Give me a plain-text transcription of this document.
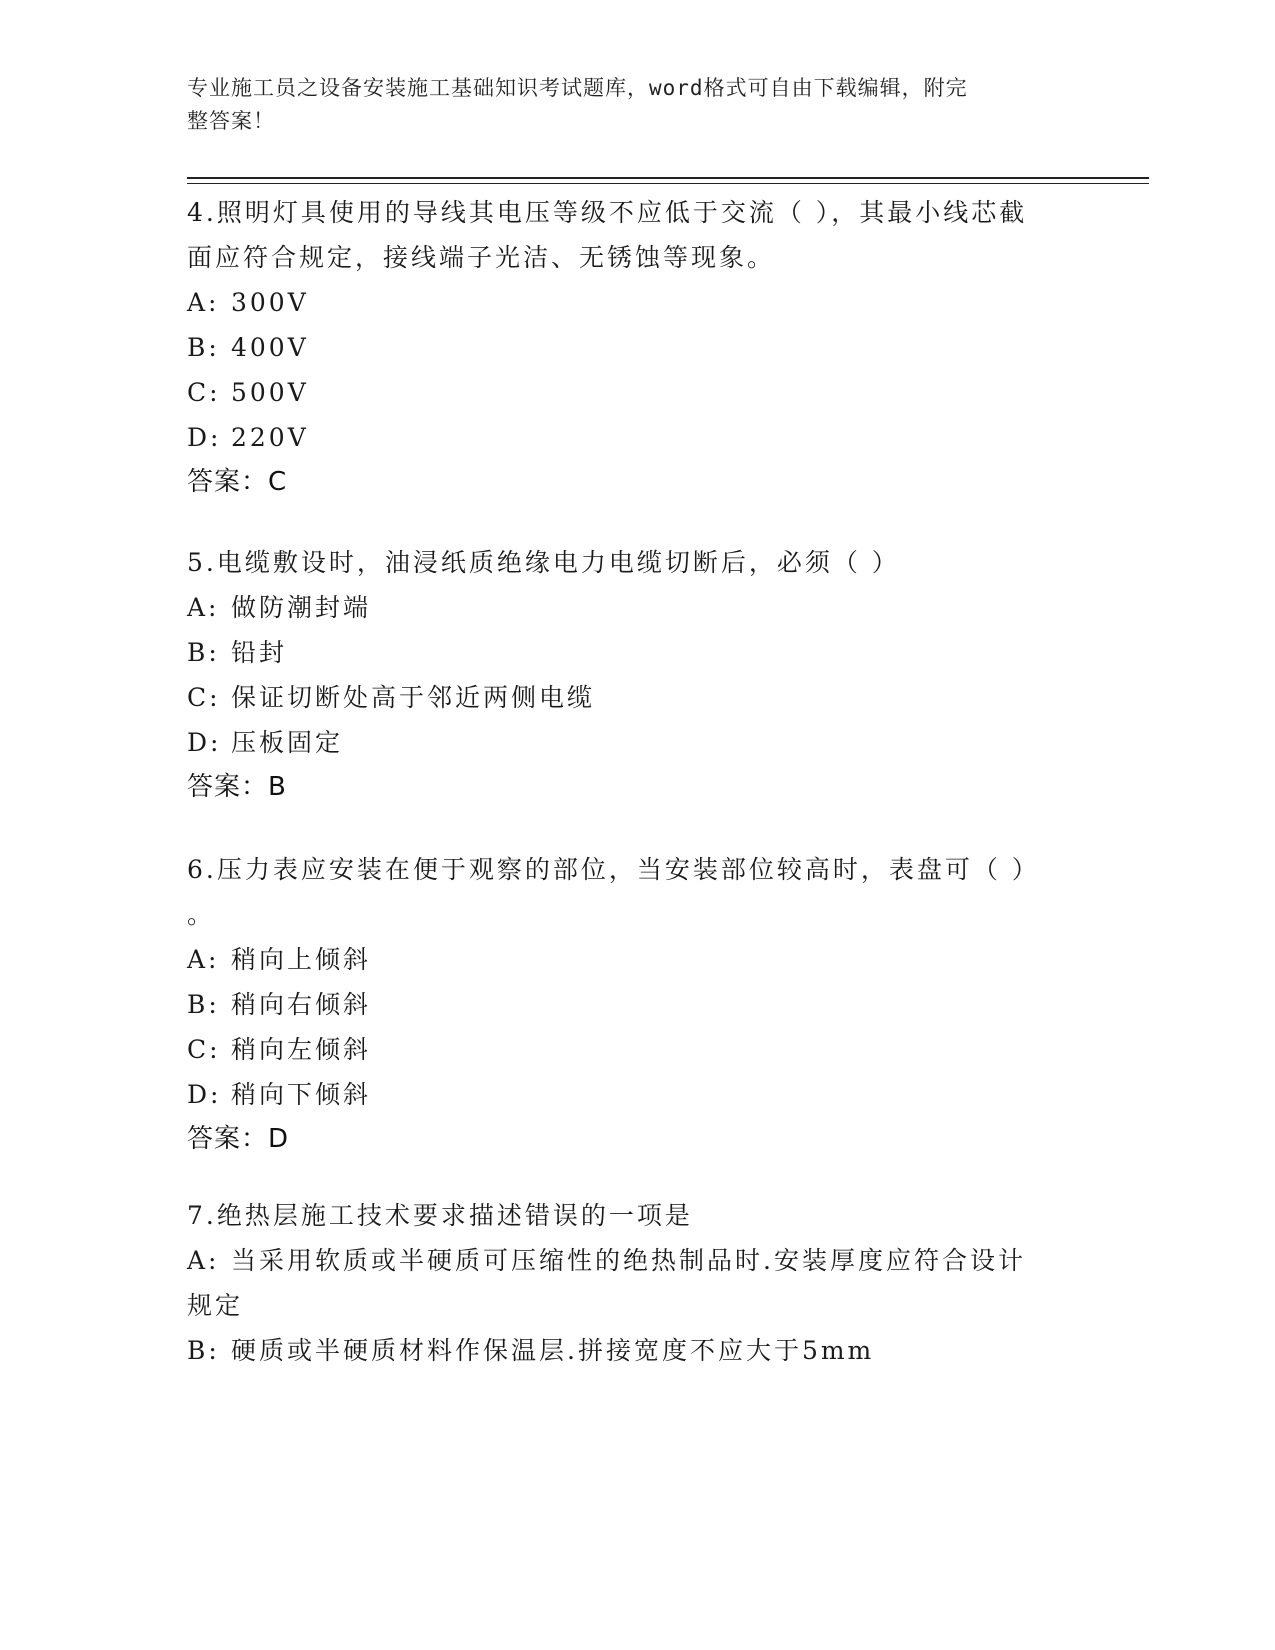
专业施工员之设备安装施工基础知识考试题库，word格式可自由下载编辑，附完
整答案！

4.照明灯具使用的导线其电压等级不应低于交流（ ），其最小线芯截
面应符合规定，接线端子光洁、无锈蚀等现象。

A: 300V

B: 400V

C: 500V

D: 220V

答案：C

5.电缆敷设时，油浸纸质绝缘电力电缆切断后，必须（ ）

A: 做防潮封端

B: 铅封

C: 保证切断处高于邻近两侧电缆

D: 压板固定

答案：B

6.压力表应安装在便于观察的部位，当安装部位较高时，表盘可（ ）
。

A: 稍向上倾斜

B: 稍向右倾斜

C: 稍向左倾斜

D: 稍向下倾斜

答案：D

7.绝热层施工技术要求描述错误的一项是

A: 当采用软质或半硬质可压缩性的绝热制品时.安装厚度应符合设计
规定

B: 硬质或半硬质材料作保温层.拼接宽度不应大于5mm
